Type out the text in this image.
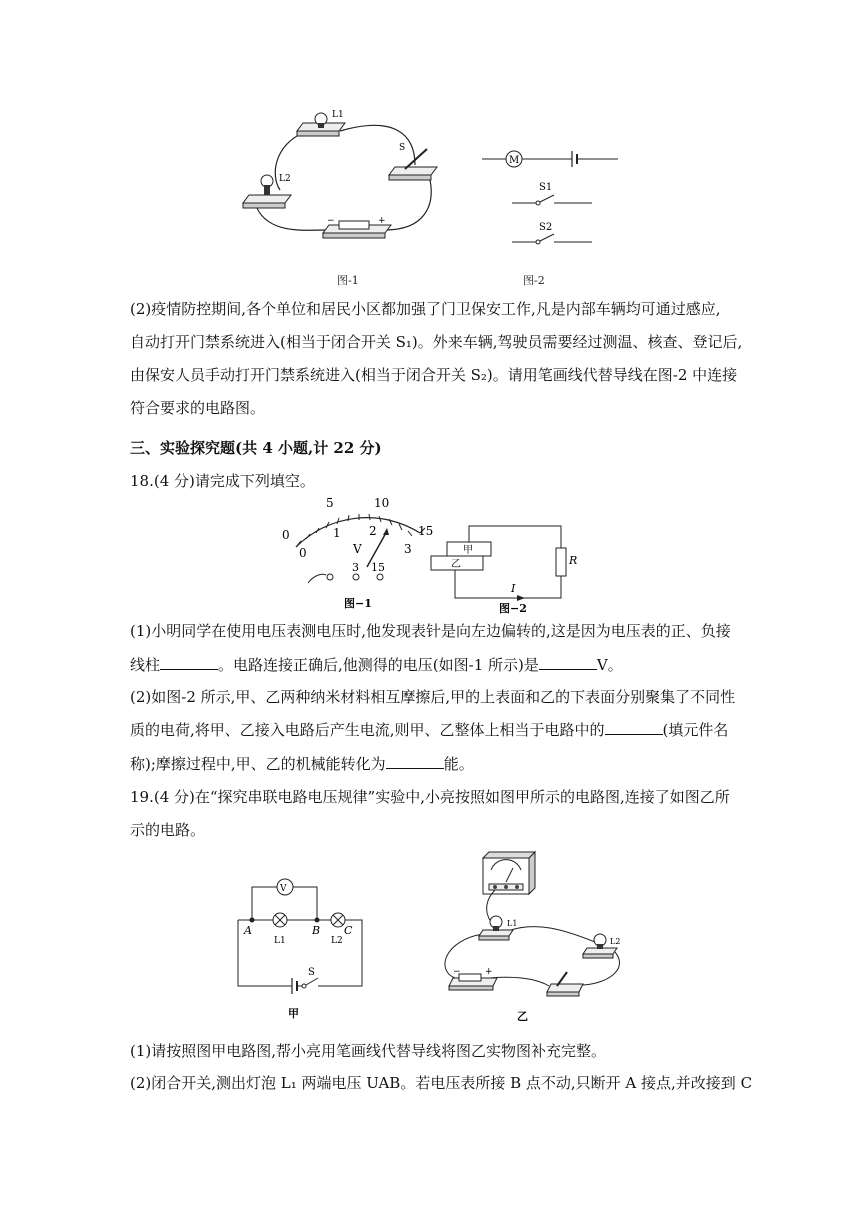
L1
L2
S
−	+
图-1
M
S1
S2
图-2
(2)疫情防控期间,各个单位和居民小区都加强了门卫保安工作,凡是内部车辆均可通过感应,
自动打开门禁系统进入(相当于闭合开关 S₁)。外来车辆,驾驶员需要经过测温、核查、登记后,
由保安人员手动打开门禁系统进入(相当于闭合开关 S₂)。请用笔画线代替导线在图-2 中连接
符合要求的电路图。
三、实验探究题(共 4 小题,计 22 分)
18.(4 分)请完成下列填空。
0
5	10
15
0
1 2
3
V
3 15
图−1
甲
乙	R
I
图−2
(1)小明同学在使用电压表测电压时,他发现表针是向左边偏转的,这是因为电压表的正、负接
线柱	。电路连接正确后,他测得的电压(如图-1 所示)是	V。
(2)如图-2 所示,甲、乙两种纳米材料相互摩擦后,甲的上表面和乙的下表面分别聚集了不同性
质的电荷,将甲、乙接入电路后产生电流,则甲、乙整体上相当于电路中的	(填元件名
称);摩擦过程中,甲、乙的机械能转化为	能。
19.(4 分)在“探究串联电路电压规律”实验中,小亮按照如图甲所示的电路图,连接了如图乙所
示的电路。
V
A	B C
L1	L2
S
甲
L1
L2
−	+
乙
(1)请按照图甲电路图,帮小亮用笔画线代替导线将图乙实物图补充完整。
(2)闭合开关,测出灯泡 L₁ 两端电压 UAB。若电压表所接 B 点不动,只断开 A 接点,并改接到 C
